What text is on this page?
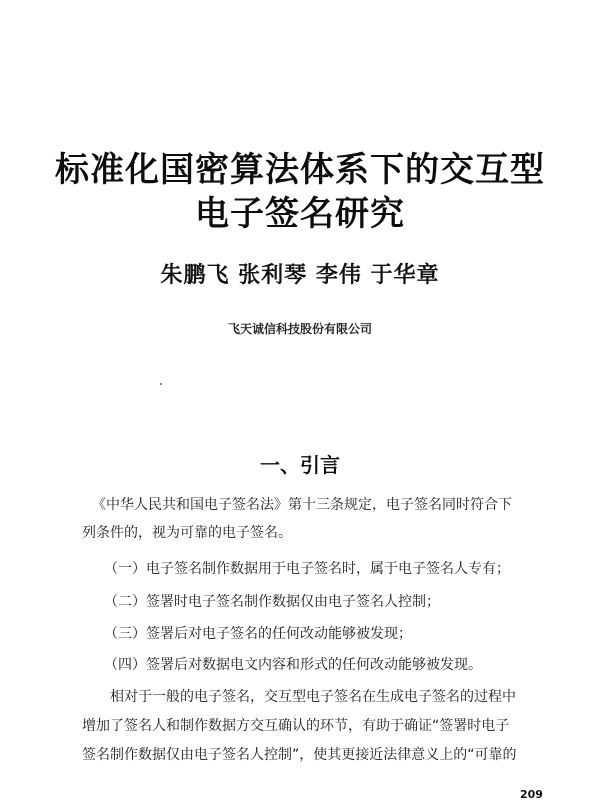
标准化国密算法体系下的交互型
电子签名研究
朱鹏飞 张利琴 李伟 于华章
飞天诚信科技股份有限公司
一、引言
《中华人民共和国电子签名法》第十三条规定，电子签名同时符合下
列条件的，视为可靠的电子签名。
（一）电子签名制作数据用于电子签名时，属于电子签名人专有；
（二）签署时电子签名制作数据仅由电子签名人控制；
（三）签署后对电子签名的任何改动能够被发现；
（四）签署后对数据电文内容和形式的任何改动能够被发现。
相对于一般的电子签名，交互型电子签名在生成电子签名的过程中
增加了签名人和制作数据方交互确认的环节，有助于确证“签署时电子
签名制作数据仅由电子签名人控制”，使其更接近法律意义上的“可靠的
209
